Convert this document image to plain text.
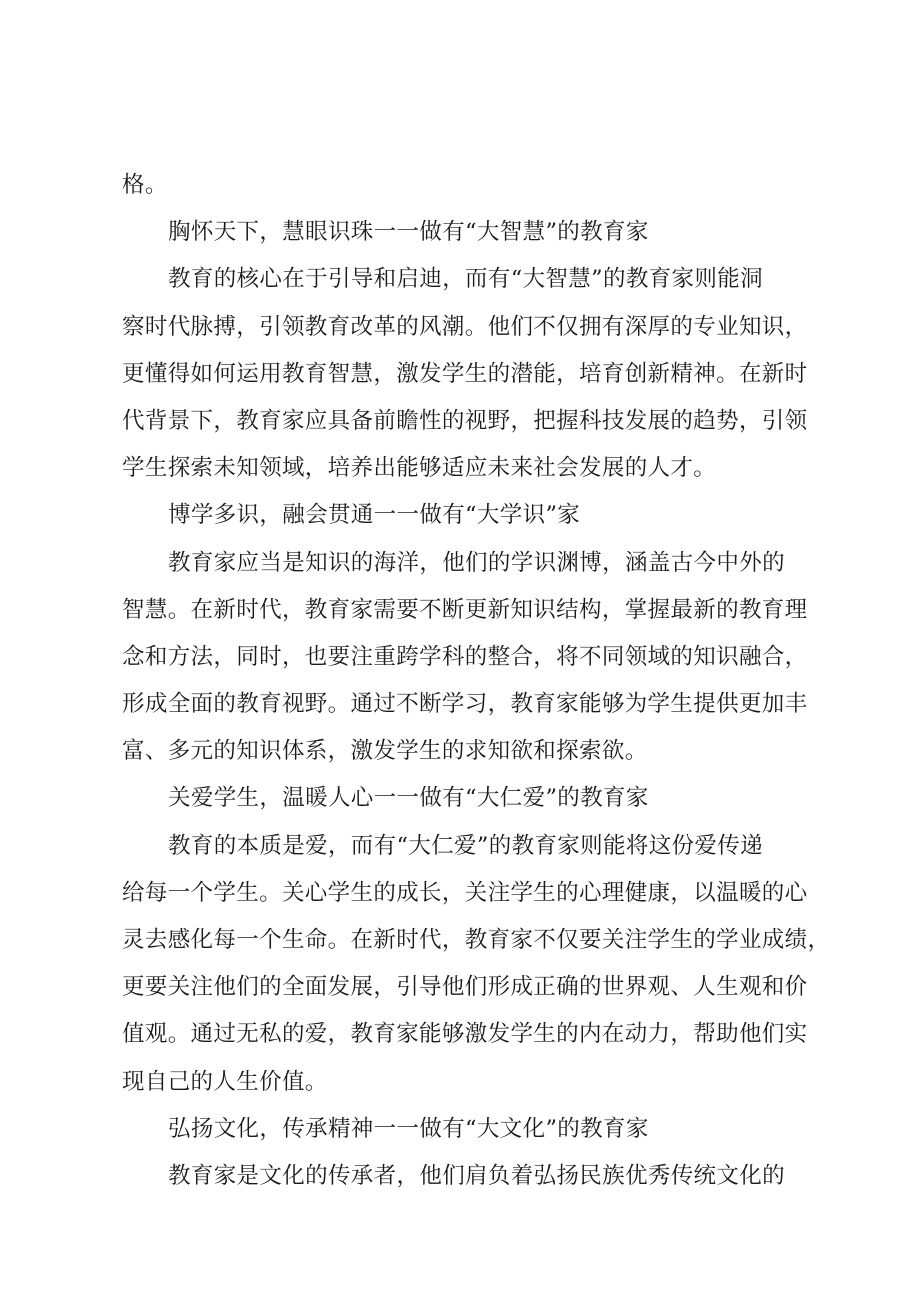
格。
胸怀天下，慧眼识珠一一做有“大智慧”的教育家
教育的核心在于引导和启迪，而有“大智慧”的教育家则能洞
察时代脉搏，引领教育改革的风潮。他们不仅拥有深厚的专业知识，
更懂得如何运用教育智慧，激发学生的潜能，培育创新精神。在新时
代背景下，教育家应具备前瞻性的视野，把握科技发展的趋势，引领
学生探索未知领域，培养出能够适应未来社会发展的人才。
博学多识，融会贯通一一做有“大学识”家
教育家应当是知识的海洋，他们的学识渊博，涵盖古今中外的
智慧。在新时代，教育家需要不断更新知识结构，掌握最新的教育理
念和方法，同时，也要注重跨学科的整合，将不同领域的知识融合，
形成全面的教育视野。通过不断学习，教育家能够为学生提供更加丰
富、多元的知识体系，激发学生的求知欲和探索欲。
关爱学生，温暖人心一一做有“大仁爱”的教育家
教育的本质是爱，而有“大仁爱”的教育家则能将这份爱传递
给每一个学生。关心学生的成长，关注学生的心理健康，以温暖的心
灵去感化每一个生命。在新时代，教育家不仅要关注学生的学业成绩，
更要关注他们的全面发展，引导他们形成正确的世界观、人生观和价
值观。通过无私的爱，教育家能够激发学生的内在动力，帮助他们实
现自己的人生价值。
弘扬文化，传承精神一一做有“大文化”的教育家
教育家是文化的传承者，他们肩负着弘扬民族优秀传统文化的
